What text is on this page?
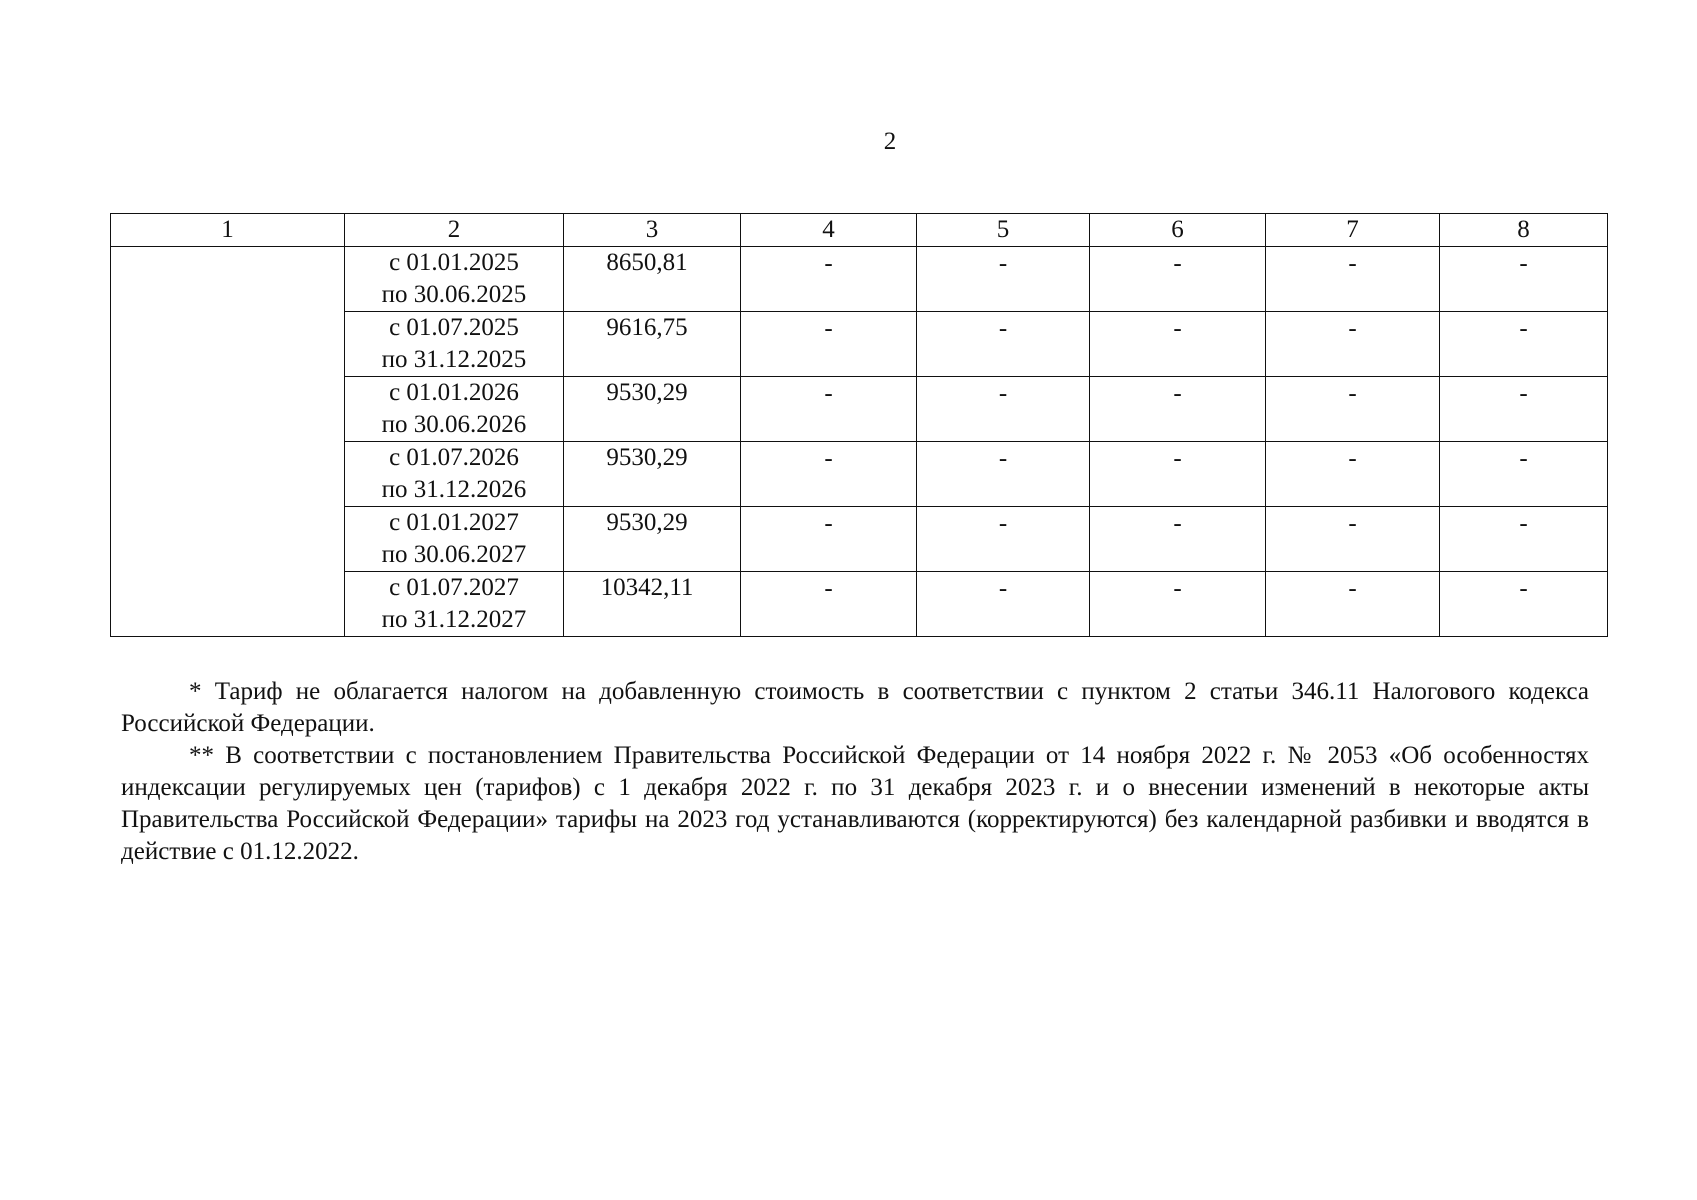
2
1	2	3	4	5	6	7	8

	с 01.01.2025
по 30.06.2025	8650,81	-	-	-	-	-

	с 01.07.2025
по 31.12.2025	9616,75	-	-	-	-	-

	с 01.01.2026
по 30.06.2026	9530,29	-	-	-	-	-

	с 01.07.2026
по 31.12.2026	9530,29	-	-	-	-	-

	с 01.01.2027
по 30.06.2027	9530,29	-	-	-	-	-

	с 01.07.2027
по 31.12.2027	10342,11	-	-	-	-	-

* Тариф не облагается налогом на добавленную стоимость в соответствии с пунктом 2 статьи 346.11 Налогового кодекса Российской Федерации.

** В соответствии с постановлением Правительства Российской Федерации от 14 ноября 2022 г. № 2053 «Об особенностях индексации регулируемых цен (тарифов) с 1 декабря 2022 г. по 31 декабря 2023 г. и о внесении изменений в некоторые акты Правительства Российской Федерации» тарифы на 2023 год устанавливаются (корректируются) без календарной разбивки и вводятся в действие с 01.12.2022.
